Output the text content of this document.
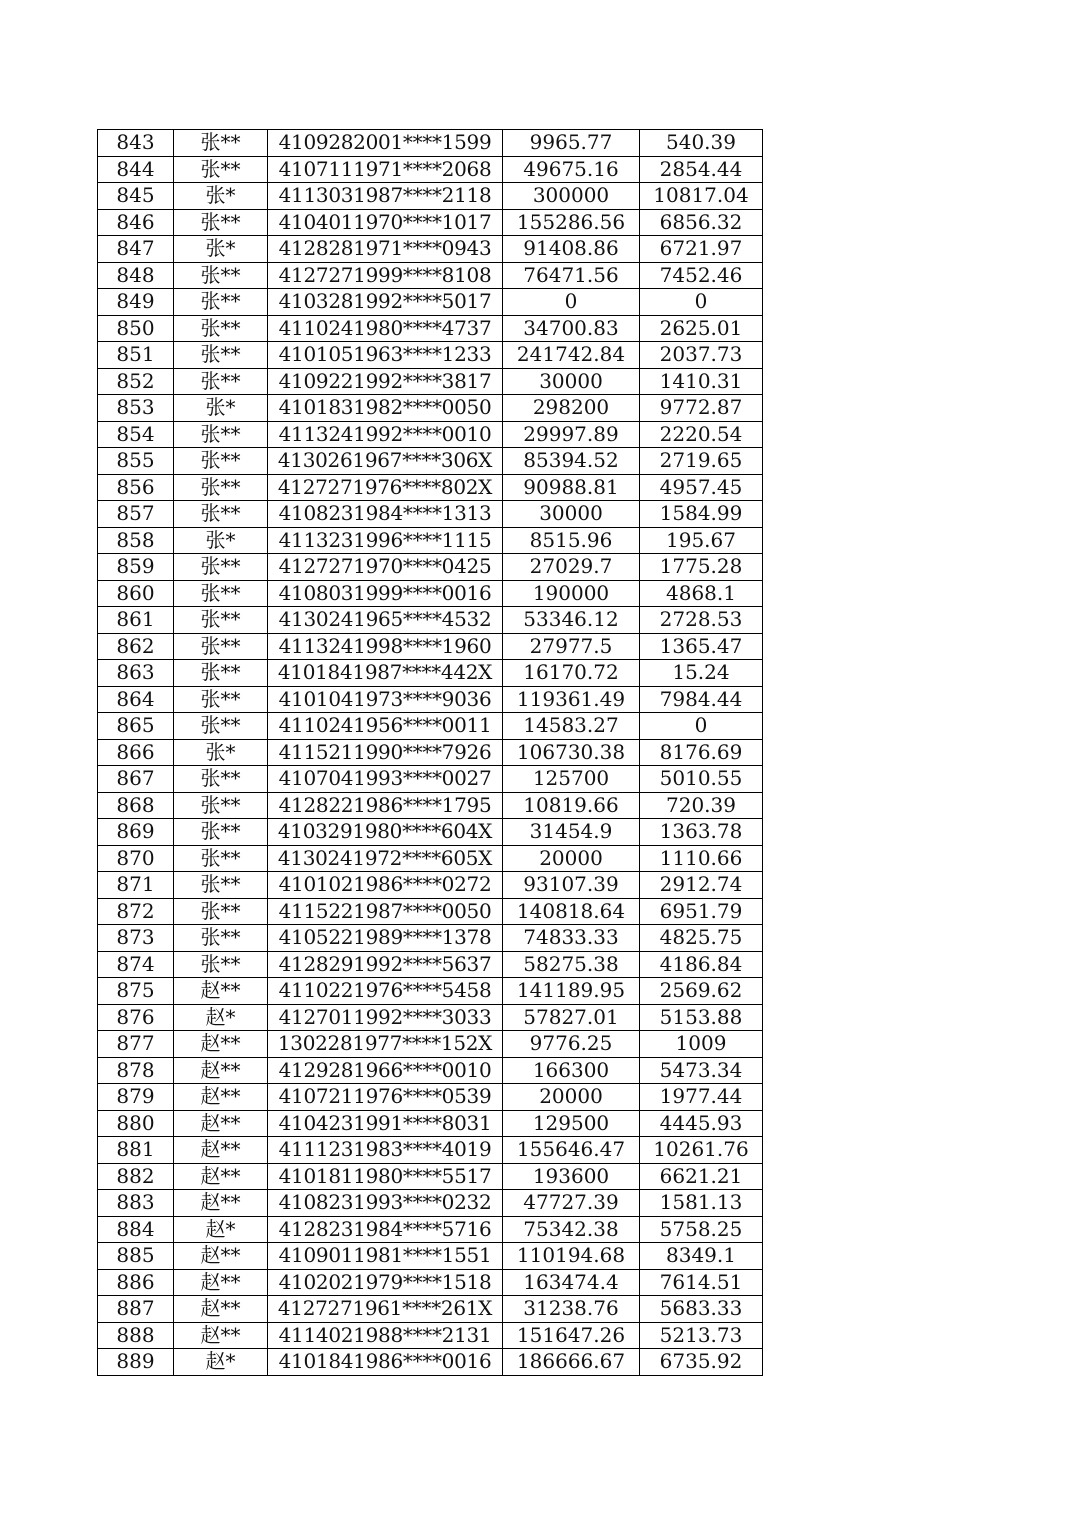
843	张**	4109282001****1599	9965.77	540.39
844	张**	4107111971****2068	49675.16	2854.44
845	张*	4113031987****2118	300000	10817.04
846	张**	4104011970****1017	155286.56	6856.32
847	张*	4128281971****0943	91408.86	6721.97
848	张**	4127271999****8108	76471.56	7452.46
849	张**	4103281992****5017	0	0
850	张**	4110241980****4737	34700.83	2625.01
851	张**	4101051963****1233	241742.84	2037.73
852	张**	4109221992****3817	30000	1410.31
853	张*	4101831982****0050	298200	9772.87
854	张**	4113241992****0010	29997.89	2220.54
855	张**	4130261967****306X	85394.52	2719.65
856	张**	4127271976****802X	90988.81	4957.45
857	张**	4108231984****1313	30000	1584.99
858	张*	4113231996****1115	8515.96	195.67
859	张**	4127271970****0425	27029.7	1775.28
860	张**	4108031999****0016	190000	4868.1
861	张**	4130241965****4532	53346.12	2728.53
862	张**	4113241998****1960	27977.5	1365.47
863	张**	4101841987****442X	16170.72	15.24
864	张**	4101041973****9036	119361.49	7984.44
865	张**	4110241956****0011	14583.27	0
866	张*	4115211990****7926	106730.38	8176.69
867	张**	4107041993****0027	125700	5010.55
868	张**	4128221986****1795	10819.66	720.39
869	张**	4103291980****604X	31454.9	1363.78
870	张**	4130241972****605X	20000	1110.66
871	张**	4101021986****0272	93107.39	2912.74
872	张**	4115221987****0050	140818.64	6951.79
873	张**	4105221989****1378	74833.33	4825.75
874	张**	4128291992****5637	58275.38	4186.84
875	赵**	4110221976****5458	141189.95	2569.62
876	赵*	4127011992****3033	57827.01	5153.88
877	赵**	1302281977****152X	9776.25	1009
878	赵**	4129281966****0010	166300	5473.34
879	赵**	4107211976****0539	20000	1977.44
880	赵**	4104231991****8031	129500	4445.93
881	赵**	4111231983****4019	155646.47	10261.76
882	赵**	4101811980****5517	193600	6621.21
883	赵**	4108231993****0232	47727.39	1581.13
884	赵*	4128231984****5716	75342.38	5758.25
885	赵**	4109011981****1551	110194.68	8349.1
886	赵**	4102021979****1518	163474.4	7614.51
887	赵**	4127271961****261X	31238.76	5683.33
888	赵**	4114021988****2131	151647.26	5213.73
889	赵*	4101841986****0016	186666.67	6735.92
